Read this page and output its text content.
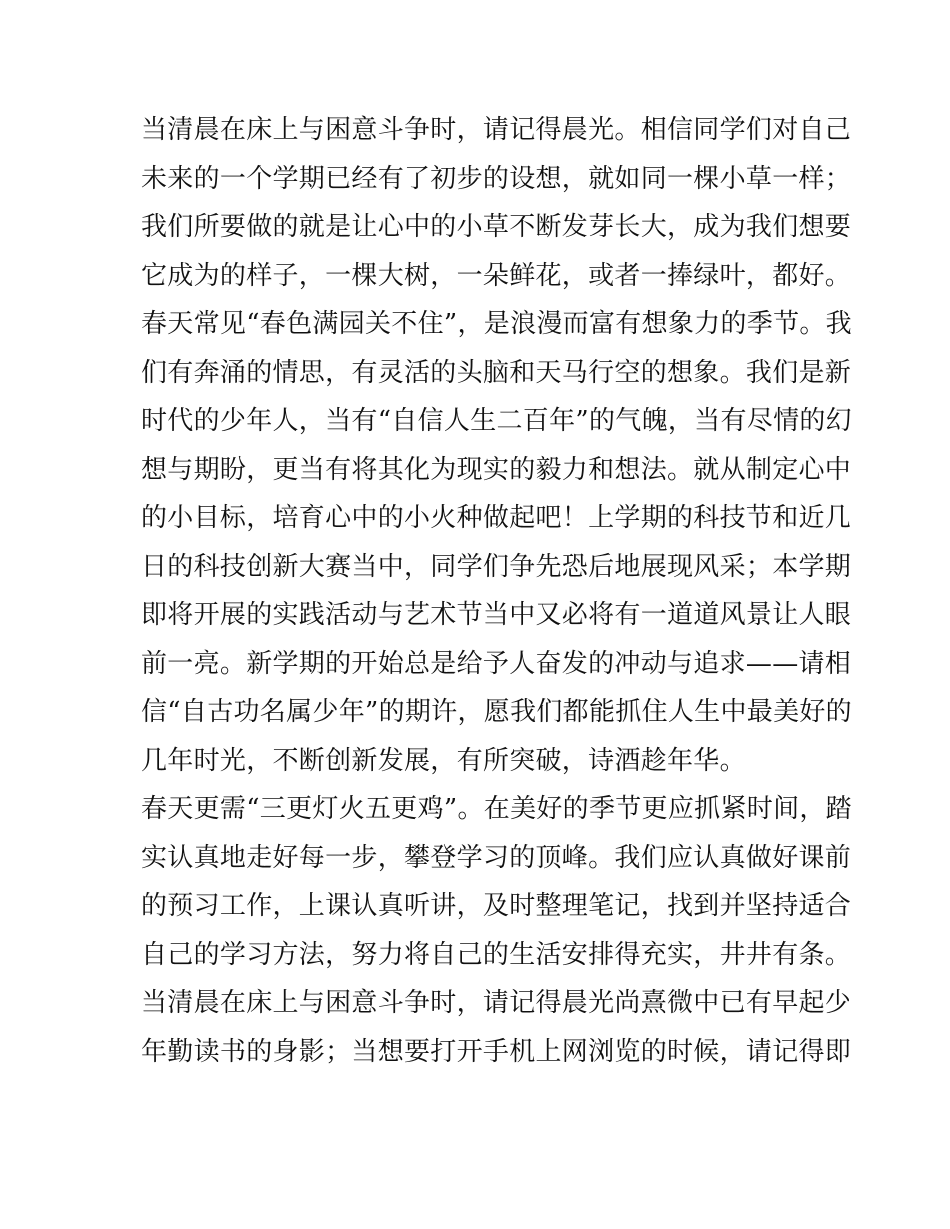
当清晨在床上与困意斗争时，请记得晨光。相信同学们对自己
未来的一个学期已经有了初步的设想，就如同一棵小草一样；
我们所要做的就是让心中的小草不断发芽长大，成为我们想要
它成为的样子，一棵大树，一朵鲜花，或者一捧绿叶，都好。
春天常见“春色满园关不住”，是浪漫而富有想象力的季节。我
们有奔涌的情思，有灵活的头脑和天马行空的想象。我们是新
时代的少年人，当有“自信人生二百年”的气魄，当有尽情的幻
想与期盼，更当有将其化为现实的毅力和想法。就从制定心中
的小目标，培育心中的小火种做起吧！上学期的科技节和近几
日的科技创新大赛当中，同学们争先恐后地展现风采；本学期
即将开展的实践活动与艺术节当中又必将有一道道风景让人眼
前一亮。新学期的开始总是给予人奋发的冲动与追求——请相
信“自古功名属少年”的期许，愿我们都能抓住人生中最美好的
几年时光，不断创新发展，有所突破，诗酒趁年华。
春天更需“三更灯火五更鸡”。在美好的季节更应抓紧时间，踏
实认真地走好每一步，攀登学习的顶峰。我们应认真做好课前
的预习工作，上课认真听讲，及时整理笔记，找到并坚持适合
自己的学习方法，努力将自己的生活安排得充实，井井有条。
当清晨在床上与困意斗争时，请记得晨光尚熹微中已有早起少
年勤读书的身影；当想要打开手机上网浏览的时候，请记得即
